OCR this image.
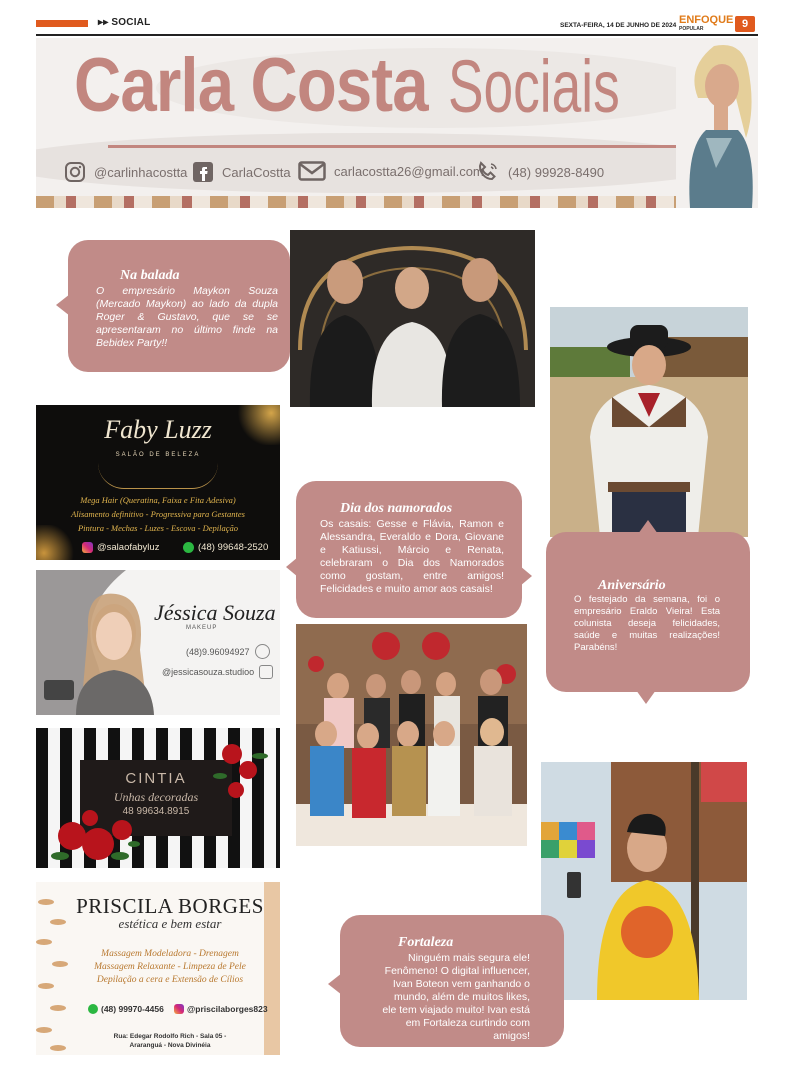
▸▸ SOCIAL	SEXTA-FEIRA, 14 DE JUNHO DE 2024 ENFOQUE
POPULAR	9
Carla Costa Sociais
@carlinhacostta	CarlaCostta	carlacostta26@gmail.com (48) 99928-8490
Na balada
O empresário Maykon Souza (Mercado Maykon) ao lado da dupla Roger & Gustavo, que se se apresentaram no último finde na Bebidex Party!!
Faby Luzz
SALÃO DE BELEZA
Mega Hair (Queratina, Faixa e Fita Adesiva)
Alisamento definitivo - Progressiva para Gestantes
Pintura - Mechas - Luzes - Escova - Depilação
@salaofabyluz	(48) 99648-2520
Dia dos namorados
Os casais: Gesse e Flávia, Ramon e Alessandra, Everaldo e Dora, Giovane e Katiussi, Márcio e Renata, celebraram o Dia dos Namorados como gostam, entre amigos! Felicidades e muito amor aos casais!	Aniversário
O festejado da semana, foi o empresário Eraldo Vieira! Esta colunista deseja felicidades, saúde e muitas realizações! Parabéns!
Jéssica Souza
MAKEUP
(48)9.96094927
@jessicasouza.studioo
CINTIA
Unhas decoradas
48 99634.8915
PRISCILA BORGES
estética e bem estar
Massagem Modeladora - Drenagem
Massagem Relaxante - Limpeza de Pele
Depilação a cera e Extensão de Cílios
(48) 99970-4456	@priscilaborges823
Rua: Edegar Rodolfo Rich - Sala 05 -
Araranguá - Nova Divinéia
Fortaleza
Ninguém mais segura ele! Fenômeno! O digital influencer, Ivan Boteon vem ganhando o mundo, além de muitos likes, ele tem viajado muito! Ivan está em Fortaleza curtindo com amigos!
